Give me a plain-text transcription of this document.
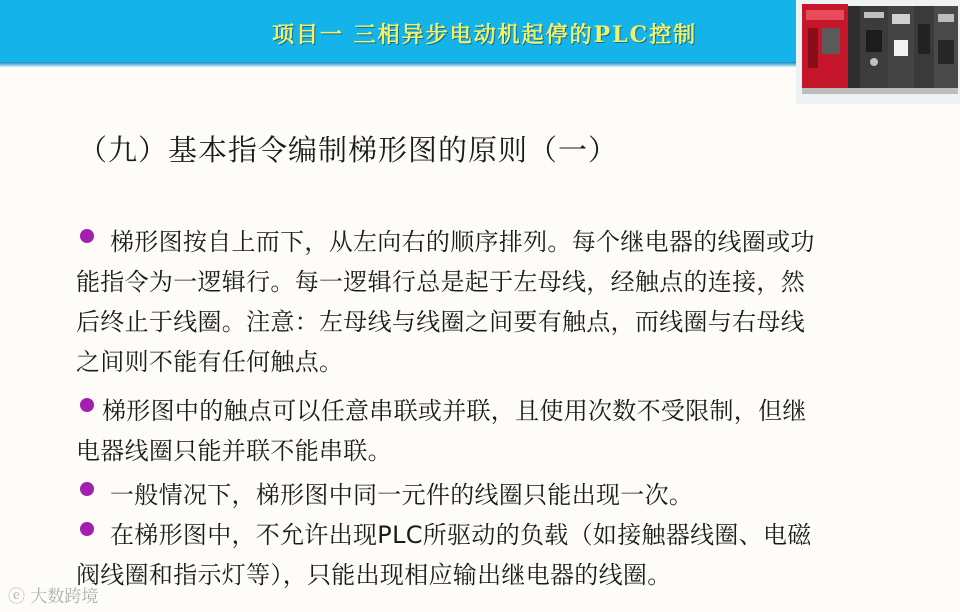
项目一 三相异步电动机起停的PLC控制
（九）基本指令编制梯形图的原则（一）
梯形图按自上而下，从左向右的顺序排列。每个继电器的线圈或功
能指令为一逻辑行。每一逻辑行总是起于左母线，经触点的连接，然
后终止于线圈。注意：左母线与线圈之间要有触点，而线圈与右母线
之间则不能有任何触点。
梯形图中的触点可以任意串联或并联，且使用次数不受限制，但继
电器线圈只能并联不能串联。
一般情况下，梯形图中同一元件的线圈只能出现一次。
在梯形图中，不允许出现PLC所驱动的负载（如接触器线圈、电磁
阀线圈和指示灯等），只能出现相应输出继电器的线圈。
ⓔ 大数跨境
